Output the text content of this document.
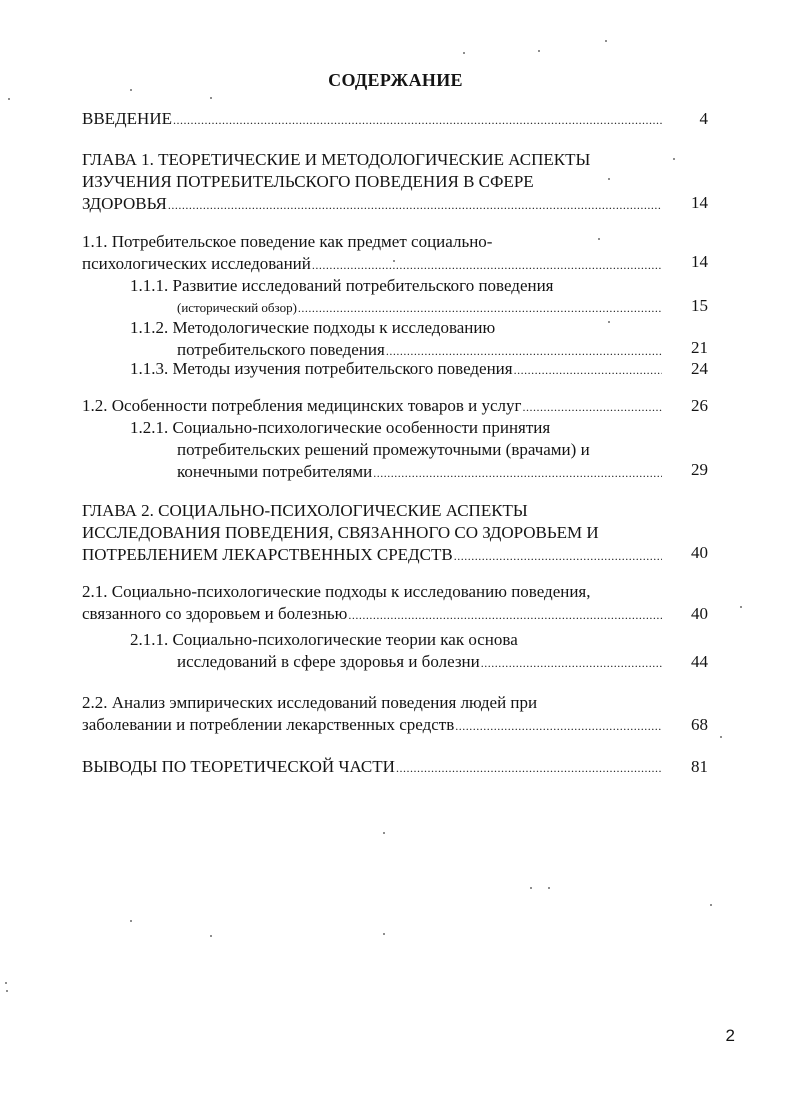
СОДЕРЖАНИЕ
ВВЕДЕНИЕ .....	4
ГЛАВА 1. ТЕОРЕТИЧЕСКИЕ И МЕТОДОЛОГИЧЕСКИЕ АСПЕКТЫ
ИЗУЧЕНИЯ ПОТРЕБИТЕЛЬСКОГО ПОВЕДЕНИЯ В СФЕРЕ
ЗДОРОВЬЯ .....	14
1.1. Потребительское поведение как предмет социально-
психологических исследований .....	14
1.1.1. Развитие исследований потребительского поведения
(исторический обзор) .....	15
1.1.2. Методологические подходы к исследованию
потребительского поведения .....	21
1.1.3. Методы изучения потребительского поведения .....	24
1.2. Особенности потребления медицинских товаров и услуг .....	26
1.2.1. Социально-психологические особенности принятия
потребительских решений промежуточными (врачами) и
конечными потребителями .....	29
ГЛАВА 2. СОЦИАЛЬНО-ПСИХОЛОГИЧЕСКИЕ АСПЕКТЫ
ИССЛЕДОВАНИЯ ПОВЕДЕНИЯ, СВЯЗАННОГО СО ЗДОРОВЬЕМ И
ПОТРЕБЛЕНИЕМ ЛЕКАРСТВЕННЫХ СРЕДСТВ .....	40
2.1. Социально-психологические подходы к исследованию поведения,
связанного со здоровьем и болезнью .....	40
2.1.1. Социально-психологические теории как основа
исследований в сфере здоровья и болезни .....	44
2.2. Анализ эмпирических исследований поведения людей при
заболевании и потреблении лекарственных средств .....	68
ВЫВОДЫ ПО ТЕОРЕТИЧЕСКОЙ ЧАСТИ .....	81
2
